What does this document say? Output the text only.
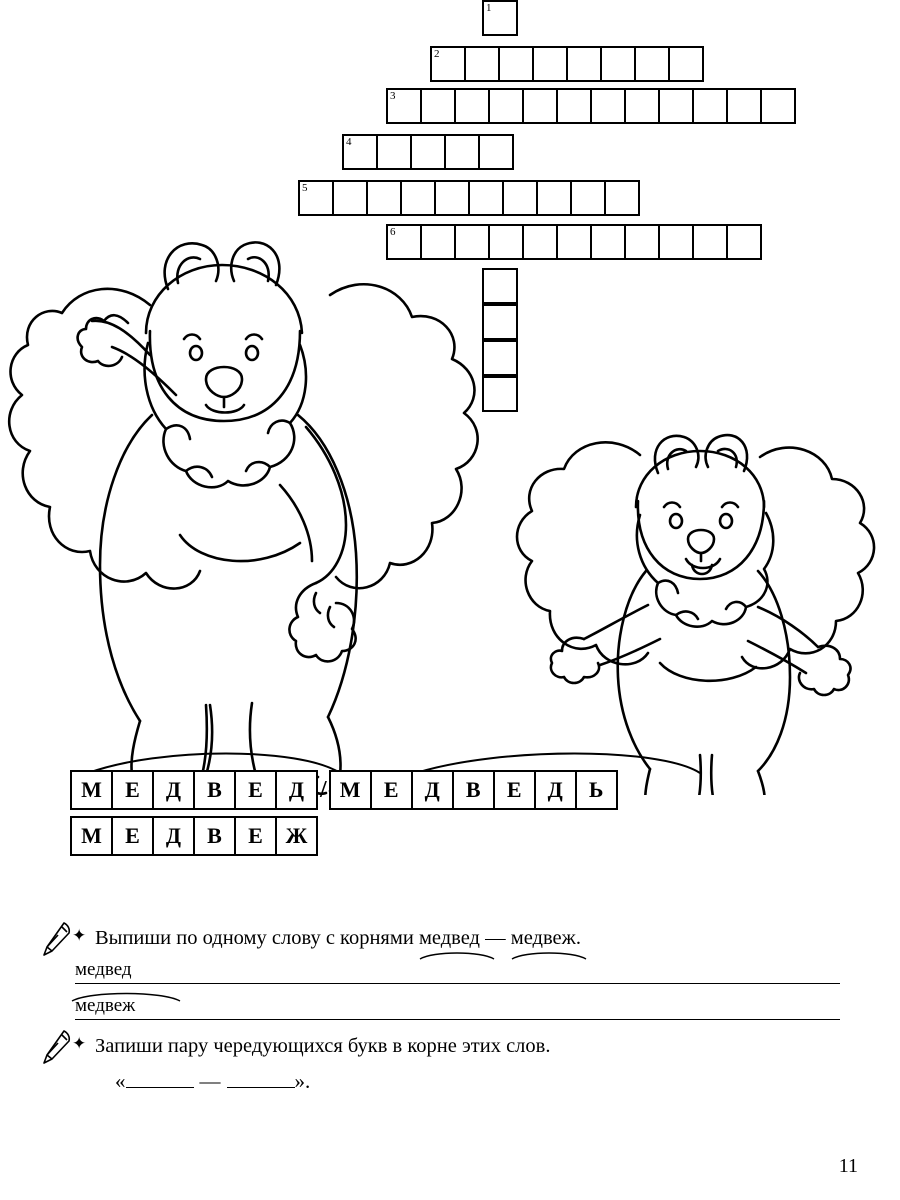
1
2
3
4
5
6
М	Е	Д	В	Е	Д / М	Е	Д	В	Е	Д	Ь
М	Е	Д	В	Е	Ж
✦ Выпиши по одному слову с корнями медвед
— медвеж
.
медвед
медвеж
✦ Запиши пару чередующихся букв в корне этих слов.
«	—	».
11
